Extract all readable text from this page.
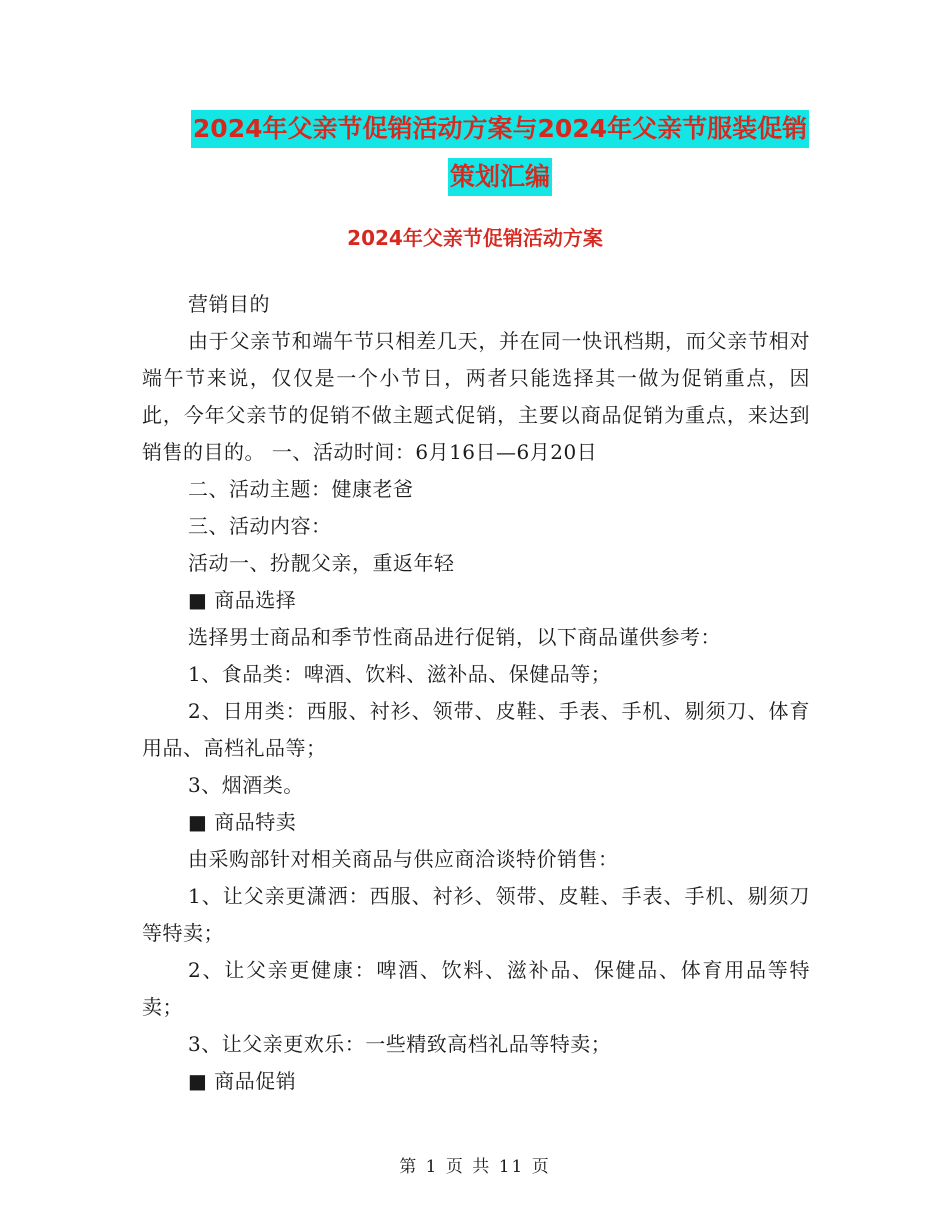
2024年父亲节促销活动方案与2024年父亲节服装促销
策划汇编
2024年父亲节促销活动方案

营销目的

由于父亲节和端午节只相差几天，并在同一快讯档期，而父亲节相对端午节来说，仅仅是一个小节日，两者只能选择其一做为促销重点，因此，今年父亲节的促销不做主题式促销，主要以商品促销为重点，来达到销售的目的。 一、活动时间：6月16日—6月20日

二、活动主题：健康老爸

三、活动内容：

活动一、扮靓父亲，重返年轻

■ 商品选择

选择男士商品和季节性商品进行促销，以下商品谨供参考：

1、食品类：啤酒、饮料、滋补品、保健品等；

2、日用类：西服、衬衫、领带、皮鞋、手表、手机、剔须刀、体育用品、高档礼品等；

3、烟酒类。

■ 商品特卖

由采购部针对相关商品与供应商洽谈特价销售：

1、让父亲更潇洒：西服、衬衫、领带、皮鞋、手表、手机、剔须刀等特卖；

2、让父亲更健康：啤酒、饮料、滋补品、保健品、体育用品等特卖；

3、让父亲更欢乐：一些精致高档礼品等特卖；

■ 商品促销

第 1 页 共 11 页
